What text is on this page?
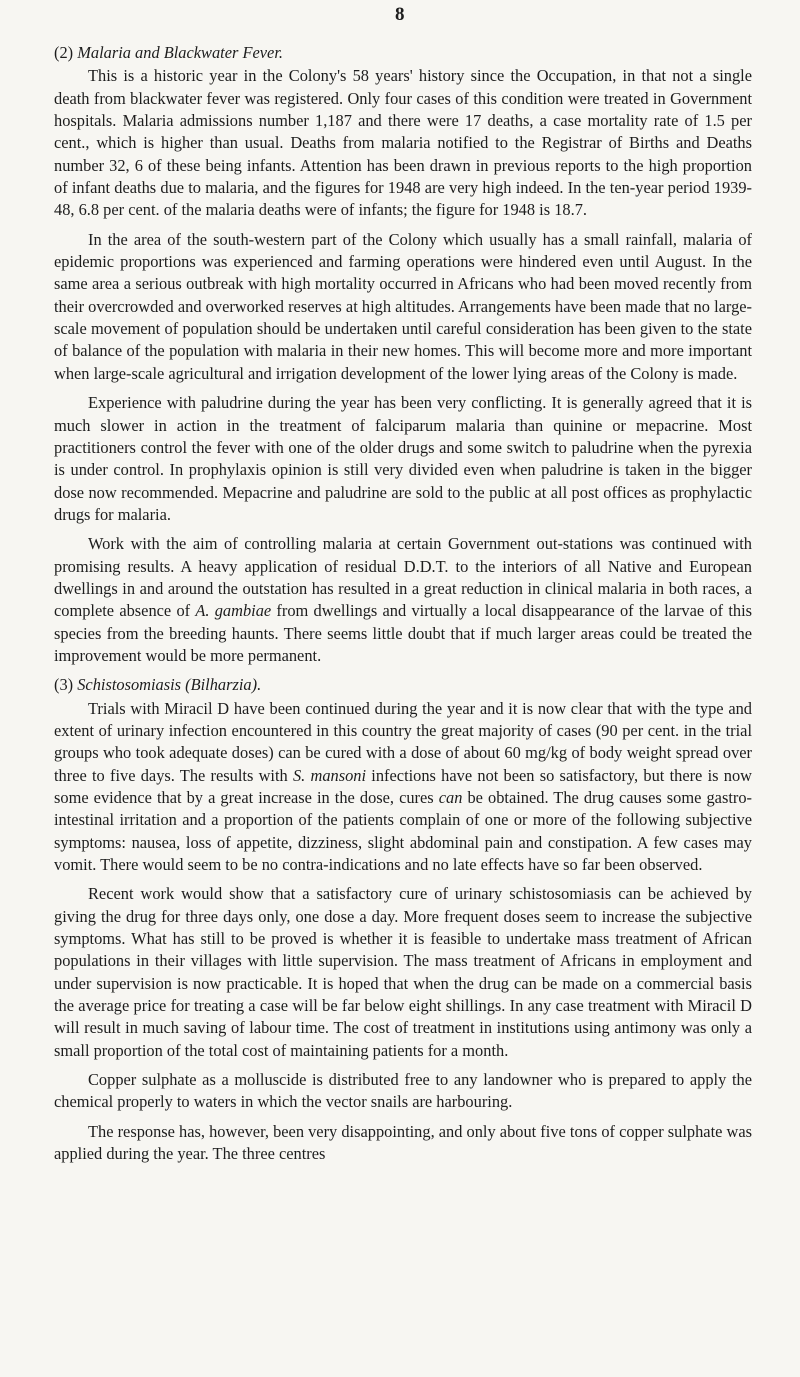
8
(2) Malaria and Blackwater Fever.

This is a historic year in the Colony's 58 years' history since the Occupation, in that not a single death from blackwater fever was registered. Only four cases of this condition were treated in Government hospitals. Malaria admissions number 1,187 and there were 17 deaths, a case mortality rate of 1.5 per cent., which is higher than usual. Deaths from malaria notified to the Registrar of Births and Deaths number 32, 6 of these being infants. Attention has been drawn in previous reports to the high proportion of infant deaths due to malaria, and the figures for 1948 are very high indeed. In the ten-year period 1939-48, 6.8 per cent. of the malaria deaths were of infants; the figure for 1948 is 18.7.

In the area of the south-western part of the Colony which usually has a small rainfall, malaria of epidemic proportions was experienced and farming operations were hindered even until August. In the same area a serious outbreak with high mortality occurred in Africans who had been moved recently from their overcrowded and overworked reserves at high altitudes. Arrangements have been made that no large-scale movement of population should be undertaken until careful consideration has been given to the state of balance of the population with malaria in their new homes. This will become more and more important when large-scale agricultural and irrigation development of the lower lying areas of the Colony is made.

Experience with paludrine during the year has been very conflicting. It is generally agreed that it is much slower in action in the treatment of falciparum malaria than quinine or mepacrine. Most practitioners control the fever with one of the older drugs and some switch to paludrine when the pyrexia is under control. In prophylaxis opinion is still very divided even when paludrine is taken in the bigger dose now recommended. Mepacrine and paludrine are sold to the public at all post offices as prophylactic drugs for malaria.

Work with the aim of controlling malaria at certain Government out-stations was continued with promising results. A heavy application of residual D.D.T. to the interiors of all Native and European dwellings in and around the outstation has resulted in a great reduction in clinical malaria in both races, a complete absence of A. gambiae from dwellings and virtually a local disappearance of the larvae of this species from the breeding haunts. There seems little doubt that if much larger areas could be treated the improvement would be more permanent.

(3) Schistosomiasis (Bilharzia).

Trials with Miracil D have been continued during the year and it is now clear that with the type and extent of urinary infection encountered in this country the great majority of cases (90 per cent. in the trial groups who took adequate doses) can be cured with a dose of about 60 mg/kg of body weight spread over three to five days. The results with S. mansoni infections have not been so satisfactory, but there is now some evidence that by a great increase in the dose, cures can be obtained. The drug causes some gastro-intestinal irritation and a proportion of the patients complain of one or more of the following subjective symptoms: nausea, loss of appetite, dizziness, slight abdominal pain and constipation. A few cases may vomit. There would seem to be no contra-indications and no late effects have so far been observed.

Recent work would show that a satisfactory cure of urinary schistosomiasis can be achieved by giving the drug for three days only, one dose a day. More frequent doses seem to increase the subjective symptoms. What has still to be proved is whether it is feasible to undertake mass treatment of African populations in their villages with little supervision. The mass treatment of Africans in employment and under supervision is now practicable. It is hoped that when the drug can be made on a commercial basis the average price for treating a case will be far below eight shillings. In any case treatment with Miracil D will result in much saving of labour time. The cost of treatment in institutions using antimony was only a small proportion of the total cost of maintaining patients for a month.

Copper sulphate as a molluscide is distributed free to any landowner who is prepared to apply the chemical properly to waters in which the vector snails are harbouring.

The response has, however, been very disappointing, and only about five tons of copper sulphate was applied during the year. The three centres
